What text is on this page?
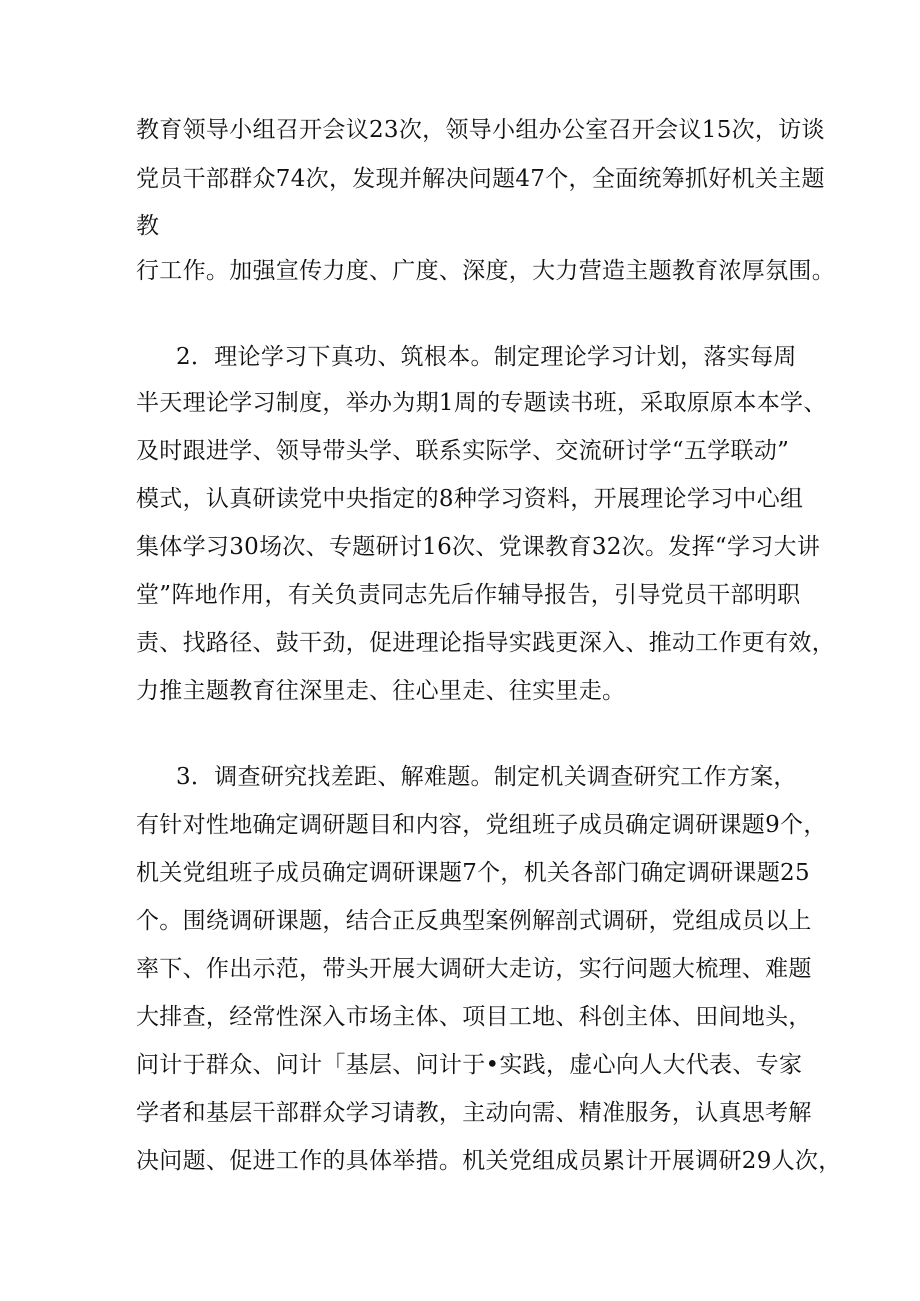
教育领导小组召开会议23次，领导小组办公室召开会议15次，访谈
党员干部群众74次，发现并解决问题47个，全面统筹抓好机关主题
教
行工作。加强宣传力度、广度、深度，大力营造主题教育浓厚氛围。
2．理论学习下真功、筑根本。制定理论学习计划，落实每周
半天理论学习制度，举办为期1周的专题读书班，采取原原本本学、
及时跟进学、领导带头学、联系实际学、交流研讨学“五学联动”
模式，认真研读党中央指定的8种学习资料，开展理论学习中心组
集体学习30场次、专题研讨16次、党课教育32次。发挥“学习大讲
堂”阵地作用，有关负责同志先后作辅导报告，引导党员干部明职
责、找路径、鼓干劲，促进理论指导实践更深入、推动工作更有效，
力推主题教育往深里走、往心里走、往实里走。
3．调查研究找差距、解难题。制定机关调查研究工作方案，
有针对性地确定调研题目和内容，党组班子成员确定调研课题9个，
机关党组班子成员确定调研课题7个，机关各部门确定调研课题25
个。围绕调研课题，结合正反典型案例解剖式调研，党组成员以上
率下、作出示范，带头开展大调研大走访，实行问题大梳理、难题
大排查，经常性深入市场主体、项目工地、科创主体、田间地头，
问计于群众、问计「基层、问计于•实践，虚心向人大代表、专家
学者和基层干部群众学习请教，主动向需、精准服务，认真思考解
决问题、促进工作的具体举措。机关党组成员累计开展调研29人次，
